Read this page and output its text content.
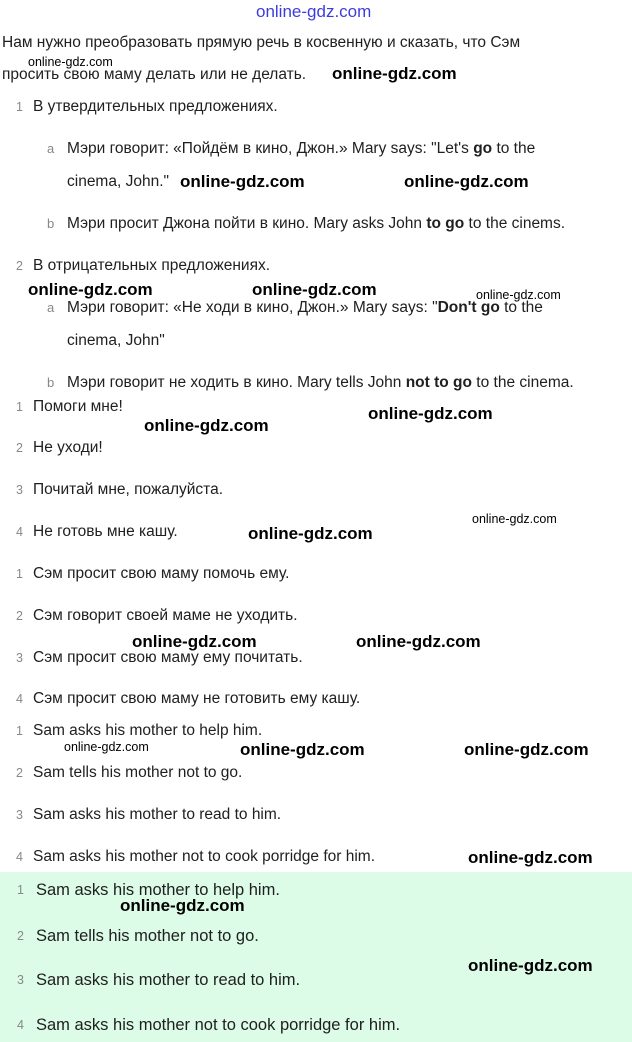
online-gdz.com
Нам нужно преобразовать прямую речь в косвенную и сказать, что Сэм
просить свою маму делать или не делать.
1 В утвердительных предложениях.
a Мэри говорит: «Пойдём в кино, Джон.» Mary says: "Let's go to the
cinema, John."
b Мэри просит Джона пойти в кино. Mary asks John to go to the cinems.
2 В отрицательных предложениях.
a Мэри говорит: «Не ходи в кино, Джон.» Mary says: "Don't go to the
cinema, John"
b Мэри говорит не ходить в кино. Mary tells John not to go to the cinema.
1 Помоги мне!
2 Не уходи!
3 Почитай мне, пожалуйста.
4 Не готовь мне кашу.
1 Сэм просит свою маму помочь ему.
2 Сэм говорит своей маме не уходить.
3 Сэм просит свою маму ему почитать.
4 Сэм просит свою маму не готовить ему кашу.
1 Sam asks his mother to help him.
2 Sam tells his mother not to go.
3 Sam asks his mother to read to him.
4 Sam asks his mother not to cook porridge for him.
1 Sam asks his mother to help him.
2 Sam tells his mother not to go.
3 Sam asks his mother to read to him.
4 Sam asks his mother not to cook porridge for him.
online-gdz.com
online-gdz.com
online-gdz.com	online-gdz.com
online-gdz.com	online-gdz.com	online-gdz.com
online-gdz.com
online-gdz.com
online-gdz.com
online-gdz.com
online-gdz.com	online-gdz.com
online-gdz.com	online-gdz.com	online-gdz.com
online-gdz.com
online-gdz.com
online-gdz.com
